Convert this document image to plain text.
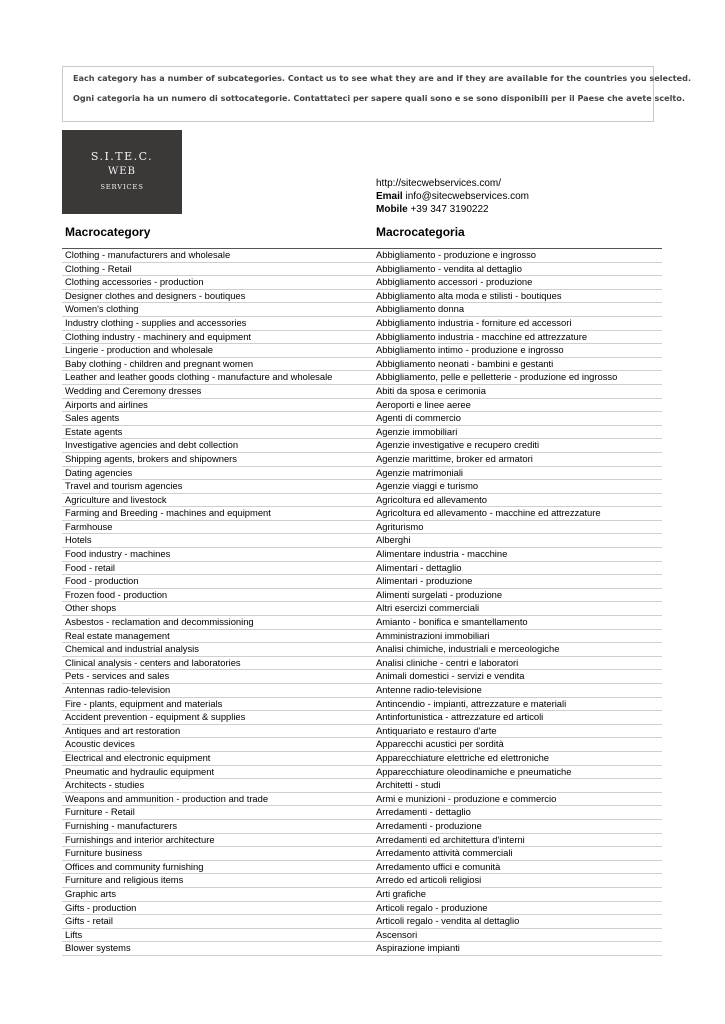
Each category has a number of subcategories. Contact us to see what they are and if they are available for the countries you selected.

Ogni categoria ha un numero di sottocategorie. Contattateci per sapere quali sono e se sono disponibili per il Paese che avete scelto.

S.I.TE.C.
WEB
SERVICES	http://sitecwebservices.com/
Email info@sitecwebservices.com
Mobile +39 347 3190222
Macrocategory	Macrocategoria
Clothing - manufacturers and wholesale	Abbigliamento - produzione e ingrosso
Clothing - Retail	Abbigliamento - vendita al dettaglio
Clothing accessories - production	Abbigliamento accessori - produzione
Designer clothes and designers - boutiques	Abbigliamento alta moda e stilisti - boutiques
Women's clothing	Abbigliamento donna
Industry clothing - supplies and accessories	Abbigliamento industria - forniture ed accessori
Clothing industry - machinery and equipment	Abbigliamento industria - macchine ed attrezzature
Lingerie - production and wholesale	Abbigliamento intimo - produzione e ingrosso
Baby clothing - children and pregnant women	Abbigliamento neonati - bambini e gestanti
Leather and leather goods clothing - manufacture and wholesale	Abbigliamento, pelle e pelletterie - produzione ed ingrosso
Wedding and Ceremony dresses	Abiti da sposa e cerimonia
Airports and airlines	Aeroporti e linee aeree
Sales agents	Agenti di commercio
Estate agents	Agenzie immobiliari
Investigative agencies and debt collection	Agenzie investigative e recupero crediti
Shipping agents, brokers and shipowners	Agenzie marittime, broker ed armatori
Dating agencies	Agenzie matrimoniali
Travel and tourism agencies	Agenzie viaggi e turismo
Agriculture and livestock	Agricoltura ed allevamento
Farming and Breeding - machines and equipment	Agricoltura ed allevamento - macchine ed attrezzature
Farmhouse	Agriturismo
Hotels	Alberghi
Food industry - machines	Alimentare industria - macchine
Food - retail	Alimentari - dettaglio
Food - production	Alimentari - produzione
Frozen food - production	Alimenti surgelati - produzione
Other shops	Altri esercizi commerciali
Asbestos - reclamation and decommissioning	Amianto - bonifica e smantellamento
Real estate management	Amministrazioni immobiliari
Chemical and industrial analysis	Analisi chimiche, industriali e merceologiche
Clinical analysis - centers and laboratories	Analisi cliniche - centri e laboratori
Pets - services and sales	Animali domestici - servizi e vendita
Antennas radio-television	Antenne radio-televisione
Fire - plants, equipment and materials	Antincendio - impianti, attrezzature e materiali
Accident prevention - equipment & supplies	Antinfortunistica - attrezzature ed articoli
Antiques and art restoration	Antiquariato e restauro d'arte
Acoustic devices	Apparecchi acustici per sordità
Electrical and electronic equipment	Apparecchiature elettriche ed elettroniche
Pneumatic and hydraulic equipment	Apparecchiature oleodinamiche e pneumatiche
Architects - studies	Architetti - studi
Weapons and ammunition - production and trade	Armi e munizioni - produzione e commercio
Furniture - Retail	Arredamenti - dettaglio
Furnishing - manufacturers	Arredamenti - produzione
Furnishings and interior architecture	Arredamenti ed architettura d'interni
Furniture business	Arredamento attività commerciali
Offices and community furnishing	Arredamento uffici e comunità
Furniture and religious items	Arredo ed articoli religiosi
Graphic arts	Arti grafiche
Gifts - production	Articoli regalo - produzione
Gifts - retail	Articoli regalo - vendita al dettaglio
Lifts	Ascensori
Blower systems	Aspirazione impianti
